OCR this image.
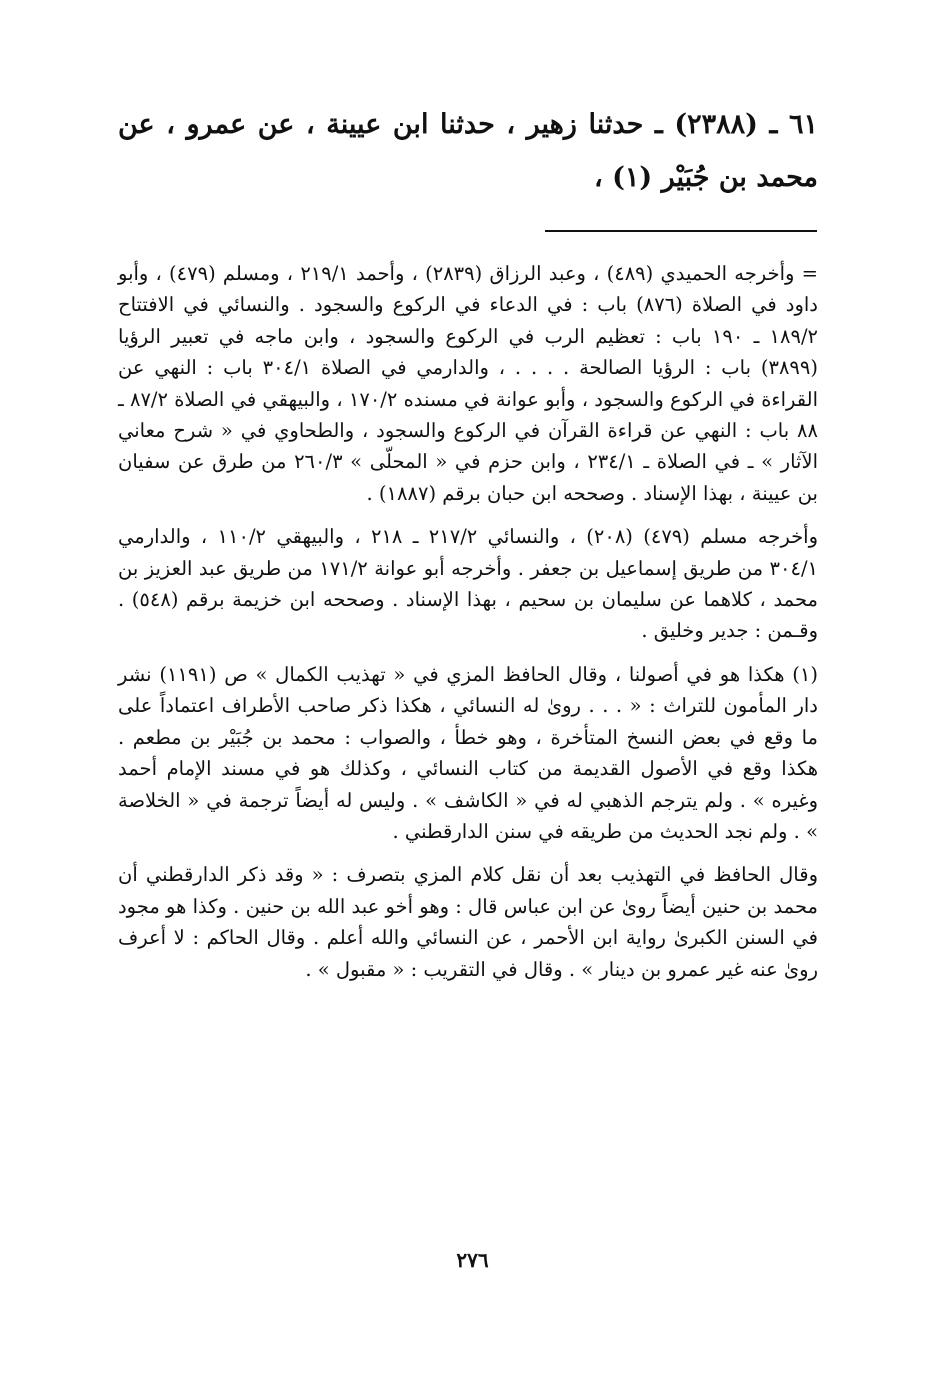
٦١ ـ (٢٣٨٨) ـ حدثنا زهير ، حدثنا ابن عيينة ، عن عمرو ، عن محمد بن جُبَيْر (١) ،

= وأخرجه الحميدي (٤٨٩) ، وعبد الرزاق (٢٨٣٩) ، وأحمد ٢١٩/١ ، ومسلم (٤٧٩) ، وأبو داود في الصلاة (٨٧٦) باب : في الدعاء في الركوع والسجود . والنسائي في الافتتاح ١٨٩/٢ ـ ١٩٠ باب : تعظيم الرب في الركوع والسجود ، وابن ماجه في تعبير الرؤيا (٣٨٩٩) باب : الرؤيا الصالحة . . . . ، والدارمي في الصلاة ٣٠٤/١ باب : النهي عن القراءة في الركوع والسجود ، وأبو عوانة في مسنده ١٧٠/٢ ، والبيهقي في الصلاة ٨٧/٢ ـ ٨٨ باب : النهي عن قراءة القرآن في الركوع والسجود ، والطحاوي في « شرح معاني الآثار » ـ في الصلاة ـ ٢٣٤/١ ، وابن حزم في « المحلّى » ٢٦٠/٣ من طرق عن سفيان بن عيينة ، بهذا الإسناد . وصححه ابن حبان برقم (١٨٨٧) .

وأخرجه مسلم (٤٧٩) (٢٠٨) ، والنسائي ٢١٧/٢ ـ ٢١٨ ، والبيهقي ١١٠/٢ ، والدارمي ٣٠٤/١ من طريق إسماعيل بن جعفر . وأخرجه أبو عوانة ١٧١/٢ من طريق عبد العزيز بن محمد ، كلاهما عن سليمان بن سحيم ، بهذا الإسناد . وصححه ابن خزيمة برقم (٥٤٨) . وقـمن : جدير وخليق .

(١) هكذا هو في أصولنا ، وقال الحافظ المزي في « تهذيب الكمال » ص (١١٩١) نشر دار المأمون للتراث : « . . . روىٰ له النسائي ، هكذا ذكر صاحب الأطراف اعتماداً على ما وقع في بعض النسخ المتأخرة ، وهو خطأ ، والصواب : محمد بن جُبَيْر بن مطعم . هكذا وقع في الأصول القديمة من كتاب النسائي ، وكذلك هو في مسند الإمام أحمد وغيره » . ولم يترجم الذهبي له في « الكاشف » . وليس له أيضاً ترجمة في « الخلاصة » . ولم نجد الحديث من طريقه في سنن الدارقطني .

وقال الحافظ في التهذيب بعد أن نقل كلام المزي بتصرف : « وقد ذكر الدارقطني أن محمد بن حنين أيضاً روىٰ عن ابن عباس قال : وهو أخو عبد الله بن حنين . وكذا هو مجود في السنن الكبرىٰ رواية ابن الأحمر ، عن النسائي والله أعلم . وقال الحاكم : لا أعرف روىٰ عنه غير عمرو بن دينار » . وقال في التقريب : « مقبول » .

٢٧٦
